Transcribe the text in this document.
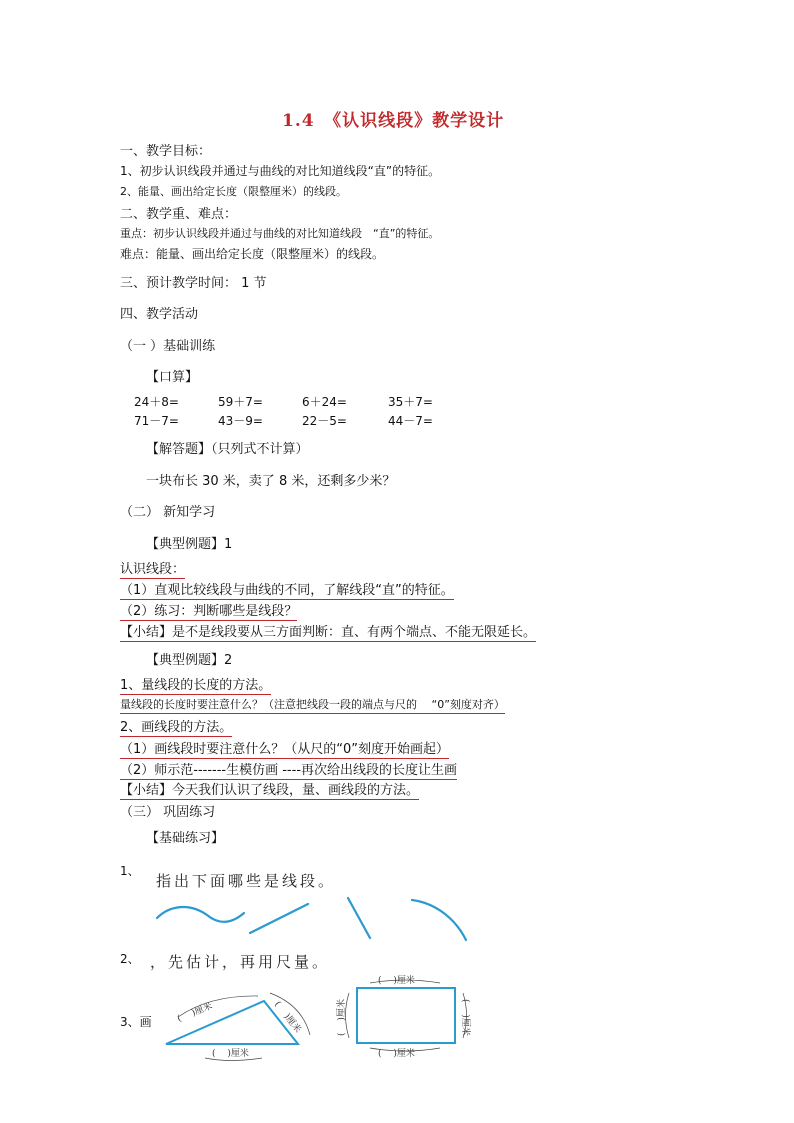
1.4　《认识线段》教学设计
一、教学目标：
1、初步认识线段并通过与曲线的对比知道线段“直”的特征。
2、能量、画出给定长度（限整厘米）的线段。
二、教学重、难点：
重点：初步认识线段并通过与曲线的对比知道线段　“直”的特征。
难点：能量、画出给定长度（限整厘米）的线段。
三、预计教学时间： 1 节
四、教学活动
（一 ）基础训练
【口算】
24＋8=	59＋7=	6＋24=	35＋7=
71－7=	43－9=	22－5=	44－7=
【解答题】（只列式不计算）
一块布长 30 米，卖了 8 米，还剩多少米？
（二） 新知学习
【典型例题】1
认识线段：
（1）直观比较线段与曲线的不同，了解线段“直”的特征。
（2）练习：判断哪些是线段？
【小结】是不是线段要从三方面判断：直、有两个端点、不能无限延长。
【典型例题】2
1、量线段的长度的方法。
量线段的长度时要注意什么？（注意把线段一段的端点与尺的　 “0”刻度对齐）
2、画线段的方法。
（1）画线段时要注意什么？（从尺的“0”刻度开始画起）
（2）师示范-------生模仿画 ----再次给出线段的长度让生画
【小结】今天我们认识了线段，量、画线段的方法。
（三） 巩固练习
【基础练习】
1、
指出下面哪些是线段。
2、 ，先估计，再用尺量。
3、画	(　 )厘米	(　 )厘米
(　 )厘米
(　 )厘米
(　 )厘米
(　 )厘米	(　 )厘米
